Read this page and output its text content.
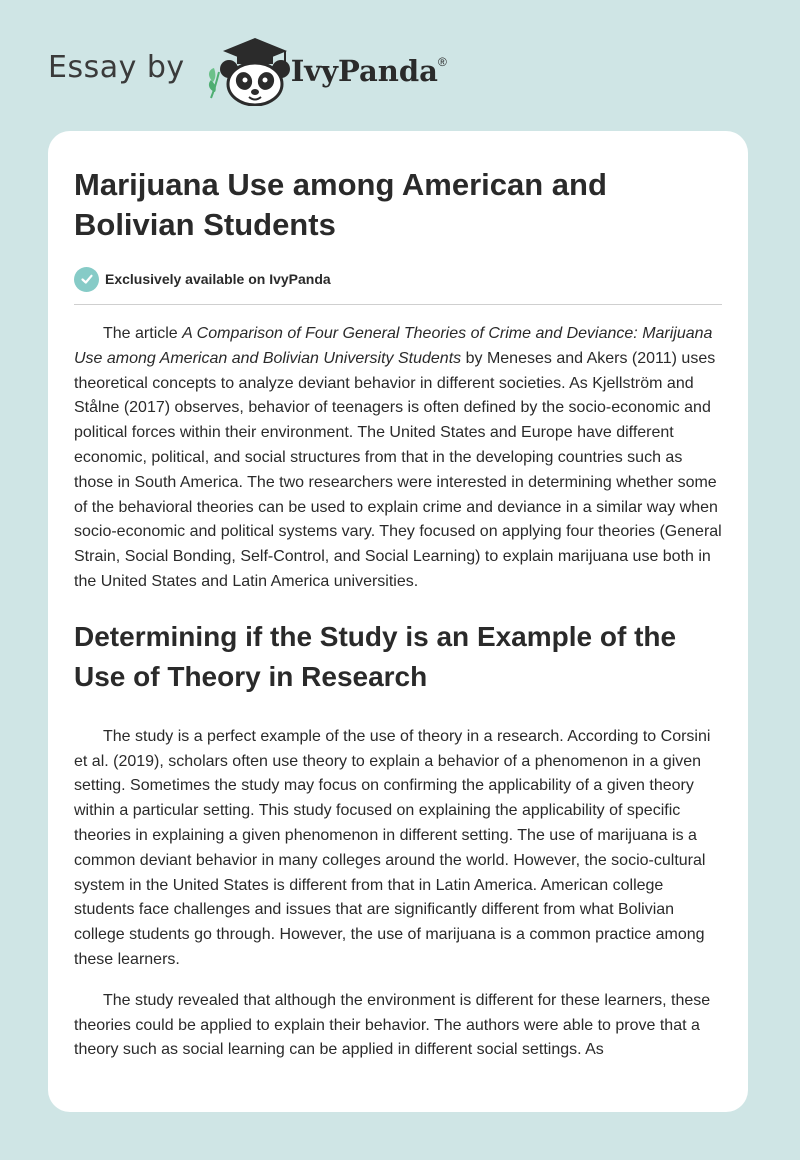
Essay by	IvyPanda®
Marijuana Use among American and Bolivian Students
Exclusively available on IvyPanda

The article A Comparison of Four General Theories of Crime and Deviance: Marijuana Use among American and Bolivian University Students by Meneses and Akers (2011) uses theoretical concepts to analyze deviant behavior in different societies. As Kjellström and Stålne (2017) observes, behavior of teenagers is often defined by the socio-economic and political forces within their environment. The United States and Europe have different economic, political, and social structures from that in the developing countries such as those in South America. The two researchers were interested in determining whether some of the behavioral theories can be used to explain crime and deviance in a similar way when socio-economic and political systems vary. They focused on applying four theories (General Strain, Social Bonding, Self-Control, and Social Learning) to explain marijuana use both in the United States and Latin America universities.

Determining if the Study is an Example of the Use of Theory in Research

The study is a perfect example of the use of theory in a research. According to Corsini et al. (2019), scholars often use theory to explain a behavior of a phenomenon in a given setting. Sometimes the study may focus on confirming the applicability of a given theory within a particular setting. This study focused on explaining the applicability of specific theories in explaining a given phenomenon in different setting. The use of marijuana is a common deviant behavior in many colleges around the world. However, the socio-cultural system in the United States is different from that in Latin America. American college students face challenges and issues that are significantly different from what Bolivian college students go through. However, the use of marijuana is a common practice among these learners.

The study revealed that although the environment is different for these learners, these theories could be applied to explain their behavior. The authors were able to prove that a theory such as social learning can be applied in different social settings. As
